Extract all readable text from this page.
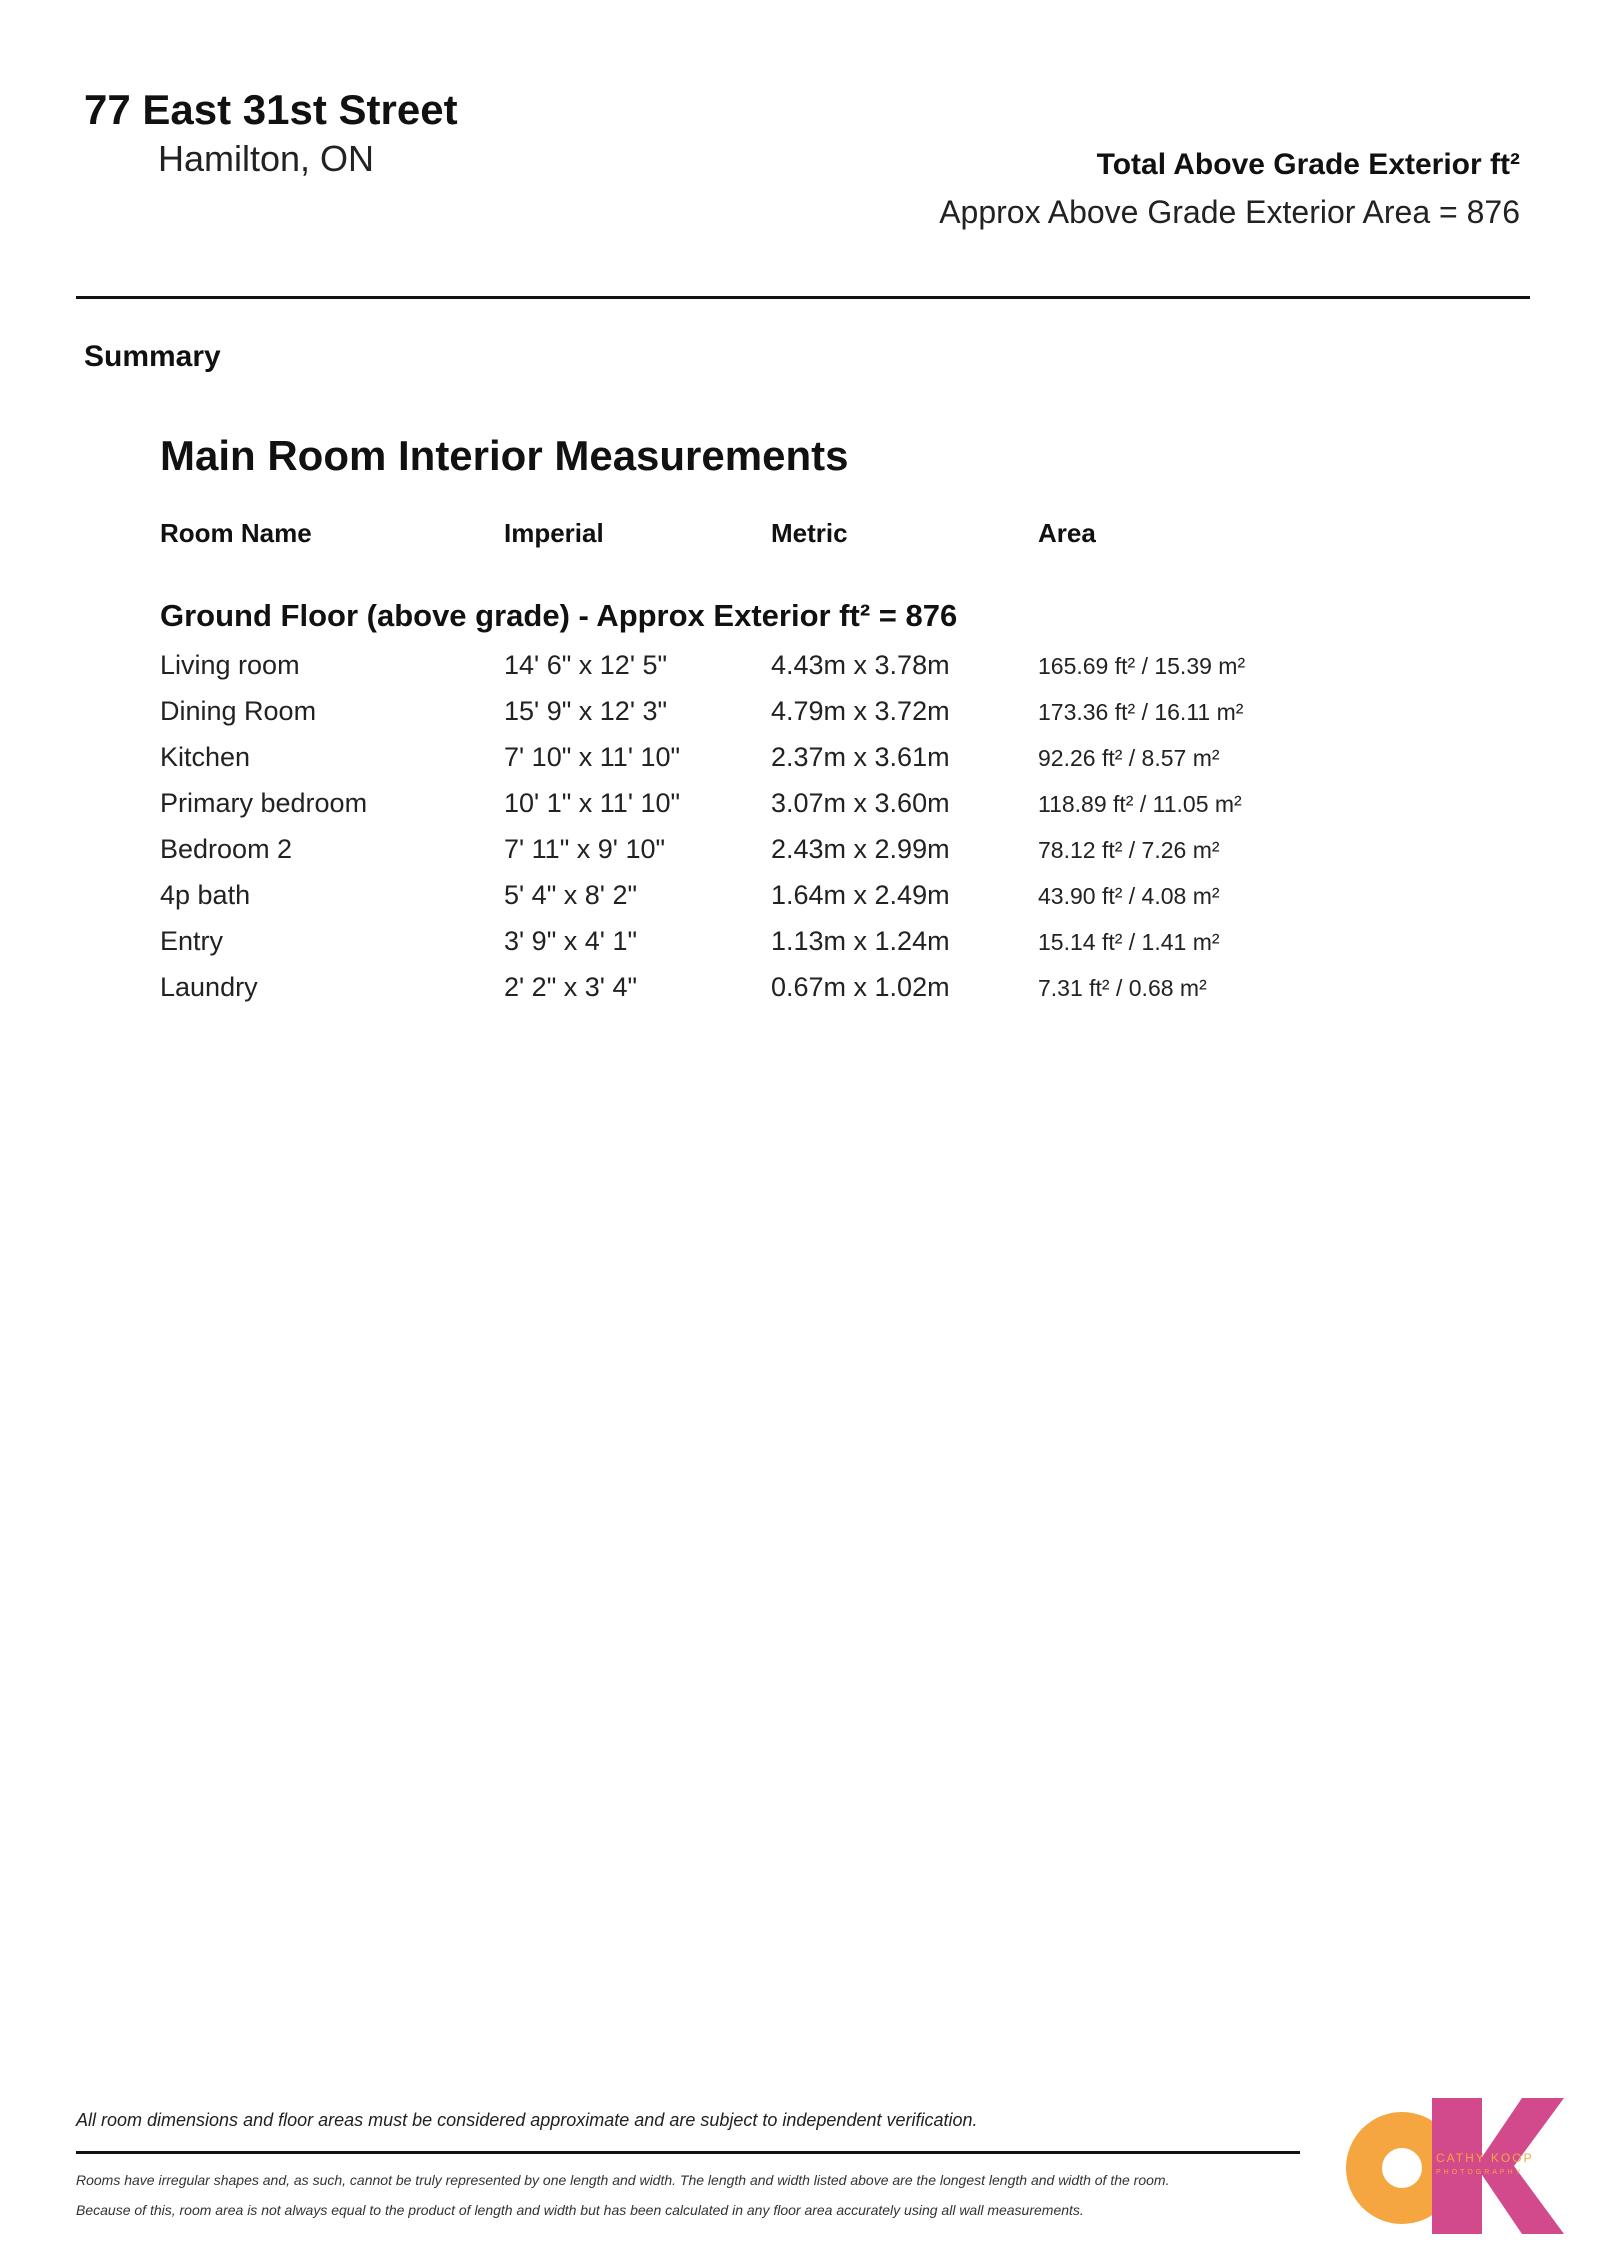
77 East 31st Street
Hamilton, ON	Total Above Grade Exterior ft²
Approx Above Grade Exterior Area = 876
Summary
Main Room Interior Measurements
Room Name	Imperial	Metric	Area
Ground Floor (above grade) - Approx Exterior ft² = 876
Living room	14' 6" x 12' 5"	4.43m x 3.78m	165.69 ft² / 15.39 m²
Dining Room	15' 9" x 12' 3"	4.79m x 3.72m	173.36 ft² / 16.11 m²
Kitchen	7' 10" x 11' 10"	2.37m x 3.61m	92.26 ft² / 8.57 m²
Primary bedroom	10' 1" x 11' 10"	3.07m x 3.60m	118.89 ft² / 11.05 m²
Bedroom 2	7' 11" x 9' 10"	2.43m x 2.99m	78.12 ft² / 7.26 m²
4p bath	5' 4" x 8' 2"	1.64m x 2.49m	43.90 ft² / 4.08 m²
Entry	3' 9" x 4' 1"	1.13m x 1.24m	15.14 ft² / 1.41 m²
Laundry	2' 2" x 3' 4"	0.67m x 1.02m	7.31 ft² / 0.68 m²
All room dimensions and floor areas must be considered approximate and are subject to independent verification.
Rooms have irregular shapes and, as such, cannot be truly represented by one length and width. The length and width listed above are the longest length and width of the room.
Because of this, room area is not always equal to the product of length and width but has been calculated in any floor area accurately using all wall measurements.
CATHY KOOP
PHOTOGRAPHY
